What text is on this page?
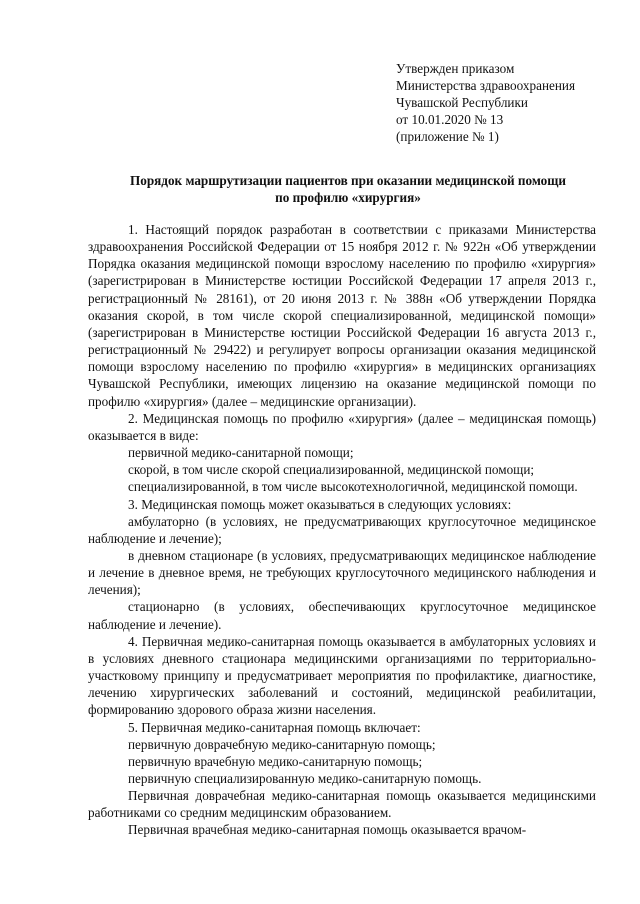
Утвержден приказом
Министерства здравоохранения
Чувашской Республики
от 10.01.2020 № 13
(приложение № 1)
Порядок маршрутизации пациентов при оказании медицинской помощи
по профилю «хирургия»

1. Настоящий порядок разработан в соответствии с приказами Министерства здравоохранения Российской Федерации от 15 ноября 2012 г. № 922н «Об утверждении Порядка оказания медицинской помощи взрослому населению по профилю «хирургия» (зарегистрирован в Министерстве юстиции Российской Федерации 17 апреля 2013 г., регистрационный № 28161), от 20 июня 2013 г. № 388н «Об утверждении Порядка оказания скорой, в том числе скорой специализированной, медицинской помощи» (зарегистрирован в Министерстве юстиции Российской Федерации 16 августа 2013 г., регистрационный № 29422) и регулирует вопросы организации оказания медицинской помощи взрослому населению по профилю «хирургия» в медицинских организациях Чувашской Республики, имеющих лицензию на оказание медицинской помощи по профилю «хирургия» (далее – медицинские организации).

2. Медицинская помощь по профилю «хирургия» (далее – медицинская помощь) оказывается в виде:

первичной медико-санитарной помощи;

скорой, в том числе скорой специализированной, медицинской помощи;

специализированной, в том числе высокотехнологичной, медицинской помощи.

3. Медицинская помощь может оказываться в следующих условиях:

амбулаторно (в условиях, не предусматривающих круглосуточное медицинское наблюдение и лечение);

в дневном стационаре (в условиях, предусматривающих медицинское наблюдение и лечение в дневное время, не требующих круглосуточного медицинского наблюдения и лечения);

стационарно (в условиях, обеспечивающих круглосуточное медицинское наблюдение и лечение).

4. Первичная медико-санитарная помощь оказывается в амбулаторных условиях и в условиях дневного стационара медицинскими организациями по территориально-участковому принципу и предусматривает мероприятия по профилактике, диагностике, лечению хирургических заболеваний и состояний, медицинской реабилитации, формированию здорового образа жизни населения.

5. Первичная медико-санитарная помощь включает:

первичную доврачебную медико-санитарную помощь;

первичную врачебную медико-санитарную помощь;

первичную специализированную медико-санитарную помощь.

Первичная доврачебная медико-санитарная помощь оказывается медицинскими работниками со средним медицинским образованием.

Первичная врачебная медико-санитарная помощь оказывается врачом-
